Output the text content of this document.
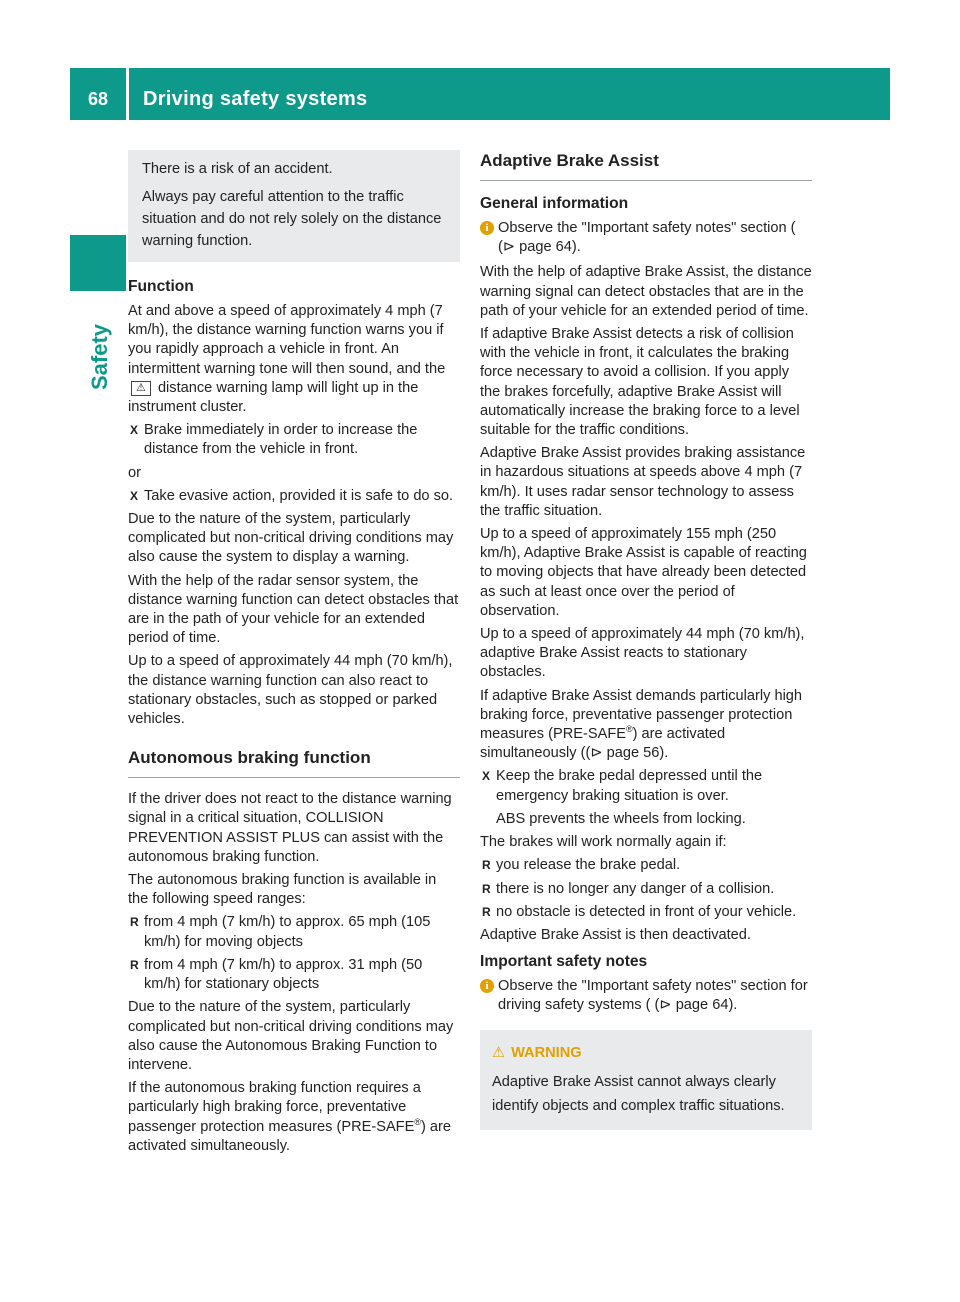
68	Driving safety systems
Safety

There is a risk of an accident.

Always pay careful attention to the traffic situation and do not rely solely on the distance warning function.

Function

At and above a speed of approximately 4 mph (7 km/h), the distance warning function warns you if you rapidly approach a vehicle in front. An intermittent warning tone will then sound, and the ⚠ distance warning lamp will light up in the instrument cluster.

X Brake immediately in order to increase the distance from the vehicle in front.

or

X Take evasive action, provided it is safe to do so.

Due to the nature of the system, particularly complicated but non-critical driving conditions may also cause the system to display a warning.

With the help of the radar sensor system, the distance warning function can detect obstacles that are in the path of your vehicle for an extended period of time.

Up to a speed of approximately 44 mph (70 km/h), the distance warning function can also react to stationary obstacles, such as stopped or parked vehicles.

Autonomous braking function

If the driver does not react to the distance warning signal in a critical situation, COLLISION PREVENTION ASSIST PLUS can assist with the autonomous braking function.

The autonomous braking function is available in the following speed ranges:

R from 4 mph (7 km/h) to approx. 65 mph (105 km/h) for moving objects
R from 4 mph (7 km/h) to approx. 31 mph (50 km/h) for stationary objects

Due to the nature of the system, particularly complicated but non-critical driving conditions may also cause the Autonomous Braking Function to intervene.

If the autonomous braking function requires a particularly high braking force, preventative passenger protection measures (PRE-SAFE®) are activated simultaneously.

Adaptive Brake Assist
General information
i Observe the "Important safety notes" section ( (⊳ page 64).

With the help of adaptive Brake Assist, the distance warning signal can detect obstacles that are in the path of your vehicle for an extended period of time.

If adaptive Brake Assist detects a risk of collision with the vehicle in front, it calculates the braking force necessary to avoid a collision. If you apply the brakes forcefully, adaptive Brake Assist will automatically increase the braking force to a level suitable for the traffic conditions.

Adaptive Brake Assist provides braking assistance in hazardous situations at speeds above 4 mph (7 km/h). It uses radar sensor technology to assess the traffic situation.

Up to a speed of approximately 155 mph (250 km/h), Adaptive Brake Assist is capable of reacting to moving objects that have already been detected as such at least once over the period of observation.

Up to a speed of approximately 44 mph (70 km/h), adaptive Brake Assist reacts to stationary obstacles.

If adaptive Brake Assist demands particularly high braking force, preventative passenger protection measures (PRE-SAFE®) are activated simultaneously ((⊳ page 56).

X Keep the brake pedal depressed until the emergency braking situation is over.

ABS prevents the wheels from locking.

The brakes will work normally again if:

R you release the brake pedal.
R there is no longer any danger of a collision.
R no obstacle is detected in front of your vehicle.

Adaptive Brake Assist is then deactivated.

Important safety notes
i Observe the "Important safety notes" section for driving safety systems ( (⊳ page 64).
⚠ WARNING

Adaptive Brake Assist cannot always clearly identify objects and complex traffic situations.
